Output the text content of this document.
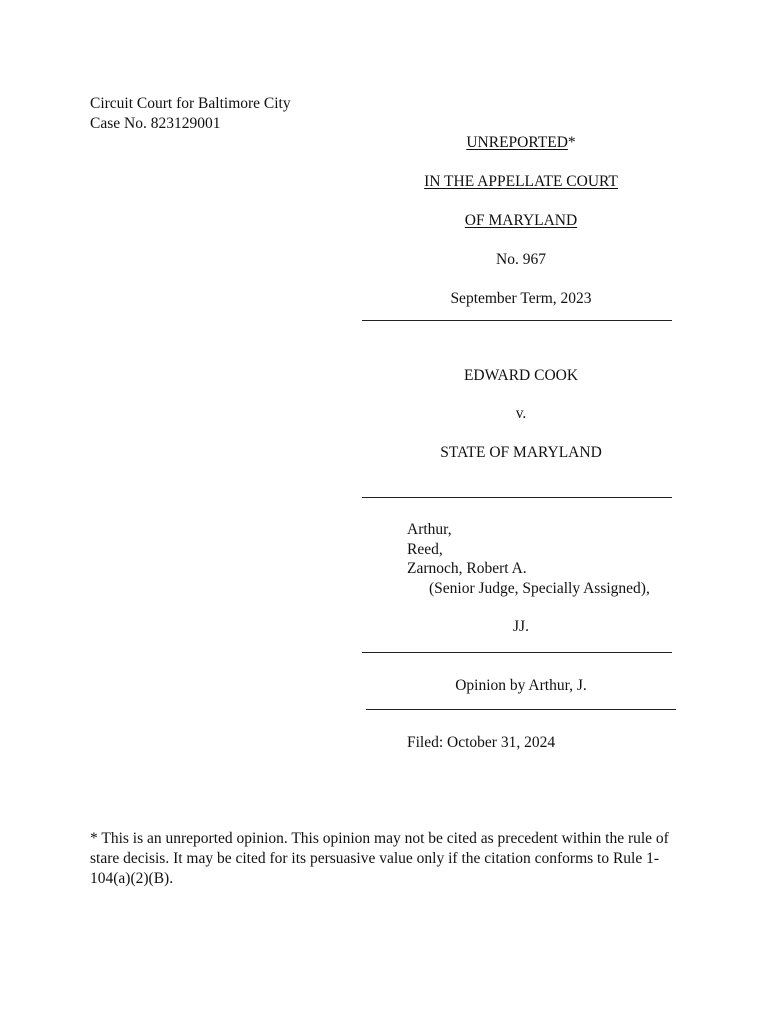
Circuit Court for Baltimore City
Case No. 823129001
UNREPORTED*
IN THE APPELLATE COURT
OF MARYLAND
No. 967
September Term, 2023
EDWARD COOK
v.
STATE OF MARYLAND
Arthur,
Reed,
Zarnoch, Robert A.
(Senior Judge, Specially Assigned),
JJ.
Opinion by Arthur, J.
Filed: October 31, 2024
* This is an unreported opinion. This opinion may not be cited as precedent within the rule of stare decisis. It may be cited for its persuasive value only if the citation conforms to Rule 1-104(a)(2)(B).
